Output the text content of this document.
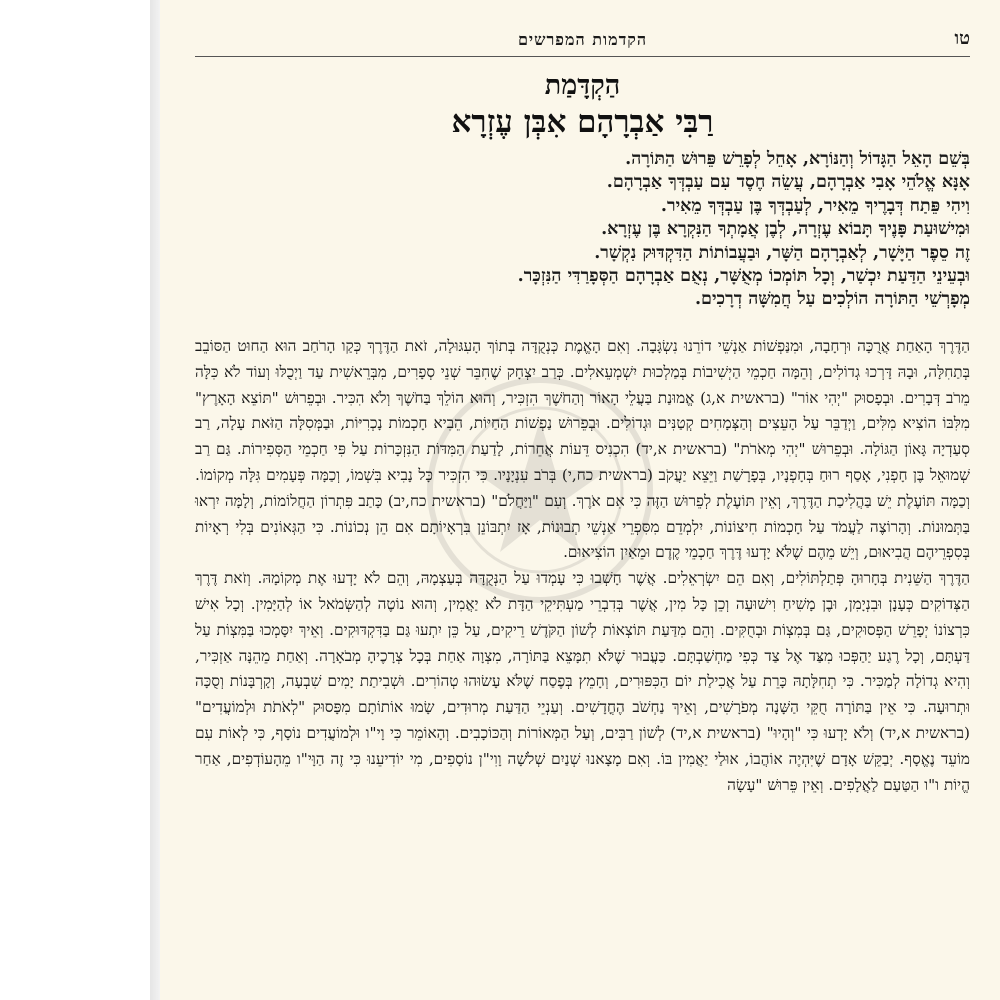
טו
הקדמות המפרשים
הַקְדָּמַת
רַבִּי אַבְרָהָם אִבְּן עֶזְרָא
בְּשֵׁם הָאֵל הַגָּדוֹל וְהַנּוֹרָא, אָחֵל לְפָרֵשׁ פֵּרוּשׁ הַתּוֹרָה.
אָנָּא אֱלֹהֵי אָבִי אַבְרָהָם, עֲשֵׂה חֶסֶד עִם עַבְדְּךָ אַבְרָהָם.
וִיהִי פֵּתַח דְּבָרֶיךָ מֵאִיר, לְעַבְדְּךָ בֶּן עַבְדְּךָ מֵאִיר.
וּמִישׁוּעַת פָּנֶיךָ תָּבוֹא עֶזְרָה, לְבֶן אֲמָתְךָ הַנִּקְרָא בֶּן עֶזְרָא.
זֶה סֵפֶר הַיָּשָׁר, לְאַבְרָהָם הַשָּׁר, וּבַעֲבוֹתוֹת הַדִּקְדּוּק נִקְשָׁר.
וּבְעֵינֵי הַדַּעַת יִכְשַׁר, וְכָל תּוֹמְכוֹ מְאֻשָּׁר, נְאֻם אַבְרָהָם הַסְּפָרַדִּי הַנִּזְכָּר.
מְפָרְשֵׁי הַתּוֹרָה הוֹלְכִים עַל חֲמִשָּׁה דְרָכִים.

הַדֶּרֶךְ הָאַחַת אֲרֻכָּה וּרְחָבָה, וּמִנַּפְשׁוֹת אַנְשֵׁי דוֹרֵנוּ נִשְׂגָּבָה. וְאִם הָאֱמֶת כְּנְקֻדָּה בְּתוֹךְ הָעִגּוּלָה, זֹאת הַדֶּרֶךְ כְּקַו הָרֹחַב הוּא הַחוּט הַסּוֹבֵב בְּתַחִלָּה, וּבָהּ דָּרְכוּ גְדוֹלִים, וְהֵמָּה חַכְמֵי הַיְשִׁיבוֹת בְּמַלְכוּת יִשְׁמְעֵאלִים. כְּרַב יִצְחָק שֶׁחִבֵּר שְׁנֵי סְפָרִים, מִבְּרֵאשִׁית עַד וַיְכֻלּוּ וְעוֹד לֹא כִּלָּה מֵרֹב דְּבָרִים. וּבְפָסוּק "יְהִי אוֹר" (בראשית א,ג) אֱמוּנַת בַּעֲלֵי הָאוֹר וְהַחֹשֶׁךְ הִזְכִּיר, וְהוּא הוֹלֵךְ בַּחֹשֶׁךְ וְלֹא הִכִּיר. וּבְפֵרוּשׁ "תּוֹצֵא הָאָרֶץ" מִלִּבּוֹ הוֹצִיא מִלִּים, וַיְדַבֵּר עַל הָעֵצִים וְהַצְּמָחִים קְטַנִּים וּגְדוֹלִים. וּבְפֵרוּשׁ נַפְשׁוֹת הַחַיּוֹת, הֵבִיא חָכְמוֹת נָכְרִיּוֹת, וּבַמְּסִלָּה הַזֹּאת עָלָה, רַב סְעַדְיָה גָּאוֹן הַגּוֹלָה. וּבְפֵרוּשׁ "יְהִי מְאֹרֹת" (בראשית א,יד) הִכְנִיס דֵּעוֹת אֲחֵרוֹת, לָדַעַת הַמִּדּוֹת הַנִּזְכָּרוֹת עַל פִּי חַכְמֵי הַסְּפִירוֹת. גַּם רַב שְׁמוּאֵל בֶּן חָפְנִי, אָסַף רוּחַ בְּחָפְנָיו, בְּפָרָשַׁת וַיֵּצֵא יַעֲקֹב (בראשית כח,י) בְּרֹב עִנְיָנָיו. כִּי הִזְכִּיר כָּל נָבִיא בִּשְׁמוֹ, וְכַמָּה פְּעָמִים גִּלָּה מְקוֹמוֹ. וְכַמָּה תּוֹעֶלֶת יֵשׁ בַּהֲלִיכַת הַדֶּרֶךְ, וְאֵין תּוֹעֶלֶת לְפֵרוּשׁ הַזֶּה כִּי אִם אֹרֶךְ. וְעִם "וַיַּחֲלֹם" (בראשית כח,יב) כָּתַב פִּתְרוֹן הַחֲלוֹמוֹת, וְלָמָּה יִרְאוּ בַּתְּמוּנוֹת. וְהָרוֹצֶה לַעֲמֹד עַל חָכְמוֹת חִיצוֹנוֹת, יִלְמְדֵם מִסִּפְרֵי אַנְשֵׁי תְבוּנוֹת, אָז יִתְבּוֹנֵן בִּרְאָיוֹתָם אִם הֵן נְכוֹנוֹת. כִּי הַגְּאוֹנִים בְּלִי רְאָיוֹת בְּסִפְרֵיהֶם הֲבִיאוּם, וְיֵשׁ מֵהֶם שֶׁלֹּא יָדְעוּ דֶּרֶךְ חַכְמֵי קֶדֶם וּמֵאַיִן הוֹצִיאוּם.

הַדֶּרֶךְ הַשֵּׁנִית בְּחָרוּהָ פְּתַלְתּוֹלִים, וְאִם הֵם יִשְׂרְאֵלִים. אֲשֶׁר חָשְׁבוּ כִּי עָמְדוּ עַל הַנְּקֻדָּה בְּעַצְמָהּ, וְהֵם לֹא יָדְעוּ אֶת מְקוֹמָהּ. וְזֹאת דֶּרֶךְ הַצְּדוֹקִים כְּעָנָן וּבִנְיָמִן, וּבֶן מָשִׁיחַ וִישׁוּעָה וְכֵן כָּל מִין, אֲשֶׁר בְּדִבְרֵי מַעְתִּיקֵי הַדָּת לֹא יַאֲמִין, וְהוּא נוֹטֶה לְהַשְּׂמֹאל אוֹ לְהַיָּמִין. וְכָל אִישׁ כִּרְצוֹנוֹ יְפָרֵשׁ הַפְּסוּקִים, גַּם בְּמִצְוֹת וּבְחֻקִּים. וְהֵם מִדַּעַת תּוֹצְאוֹת לְשׁוֹן הַקֹּדֶשׁ רֵיקִים, עַל כֵּן יִתְעוּ גַּם בַּדִּקְדּוּקִים. וְאֵיךְ יִסָּמְכוּ בַּמִּצְוֹת עַל דַּעְתָּם, וְכָל רֶגַע יַהַפְּכוּ מִצַּד אֶל צַד כְּפִי מַחְשַׁבְתָּם. כַּעֲבוּר שֶׁלֹּא תִמָּצֵא בַּתּוֹרָה, מִצְוָה אַחַת בְּכָל צְרָכֶיהָ מְבֹאָרָה. וְאַחַת מֵהֵנָּה אַזְכִּיר, וְהִיא גְדוֹלָה לְמַכִּיר. כִּי תְחִלָּתָהּ כָּרֵת עַל אֲכִילַת יוֹם הַכִּפּוּרִים, וְחָמֵץ בְּפֶסַח שֶׁלֹּא עָשׂוּהוּ טְהוֹרִים. וּשְׁבִיתַת יָמִים שִׁבְעָה, וְקָרְבָּנוֹת וְסֻכָּה וּתְרוּעָה. כִּי אֵין בַּתּוֹרָה חֻקֵּי הַשָּׁנָה מְפֹרָשִׁים, וְאֵיךְ נַחְשֹׁב הֶחֳדָשִׁים. וְעַנְיֵי הַדַּעַת מְרוּדִים, שָׂמוּ אוֹתוֹתָם מִפָּסוּק "לְאֹתֹת וּלְמוֹעֲדִים" (בראשית א,יד) וְלֹא יָדְעוּ כִּי "וְהָיוּ" (בראשית א,יד) לְשׁוֹן רַבִּים, וְעַל הַמְּאוֹרוֹת וְהַכּוֹכָבִים. וְהָאוֹמֵר כִּי וָי"ו וּלְמוֹעֲדִים נוֹסָף, כִּי לְאוֹת עִם מוֹעֵד נֶאֱסָף. יְבַקֵּשׁ אָדָם שֶׁיִּהְיֶה אוֹהֲבוֹ, אוּלַי יַאֲמִין בּוֹ. וְאִם מָצָאנוּ שְׁנַיִם שְׁלֹשָׁה וָוִי"ן נוֹסָפִים, מִי יוֹדִיעֵנוּ כִּי זֶה הַוָּי"ו מֵהָעוֹדְפִים, אַחַר הֱיוֹת ו"ו הַטַּעַם לַאֲלָפִים. וְאֵין פֵּרוּשׁ "עָשָׂה
